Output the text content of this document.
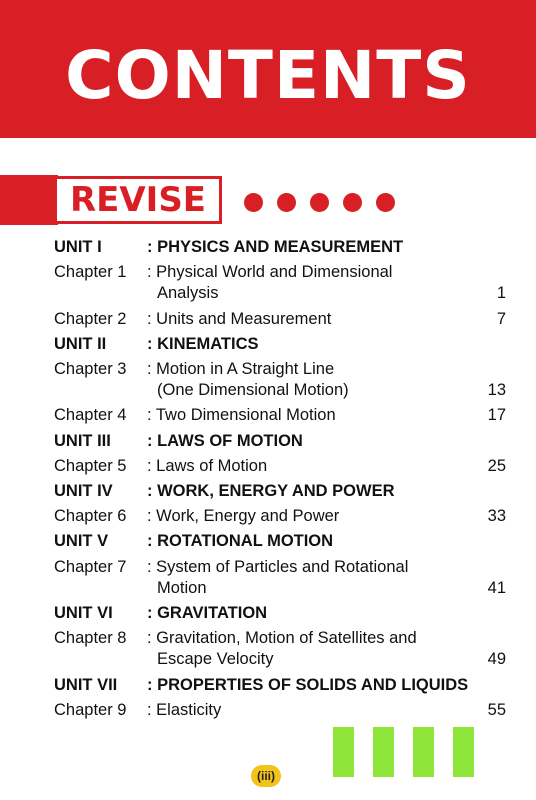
CONTENTS
REVISE
UNIT I	: PHYSICS AND MEASUREMENT
Chapter 1 : Physical World and Dimensional
Analysis	1
Chapter 2 : Units and Measurement	7
UNIT II : KINEMATICS
Chapter 3 : Motion in A Straight Line
(One Dimensional Motion)	13
Chapter 4 : Two Dimensional Motion	17
UNIT III : LAWS OF MOTION
Chapter 5 : Laws of Motion	25
UNIT IV : WORK, ENERGY AND POWER
Chapter 6 : Work, Energy and Power	33
UNIT V : ROTATIONAL MOTION
Chapter 7 : System of Particles and Rotational
Motion	41
UNIT VI : GRAVITATION
Chapter 8 : Gravitation, Motion of Satellites and
Escape Velocity	49
UNIT VII : PROPERTIES OF SOLIDS AND LIQUIDS
Chapter 9 : Elasticity	55
(iii)
